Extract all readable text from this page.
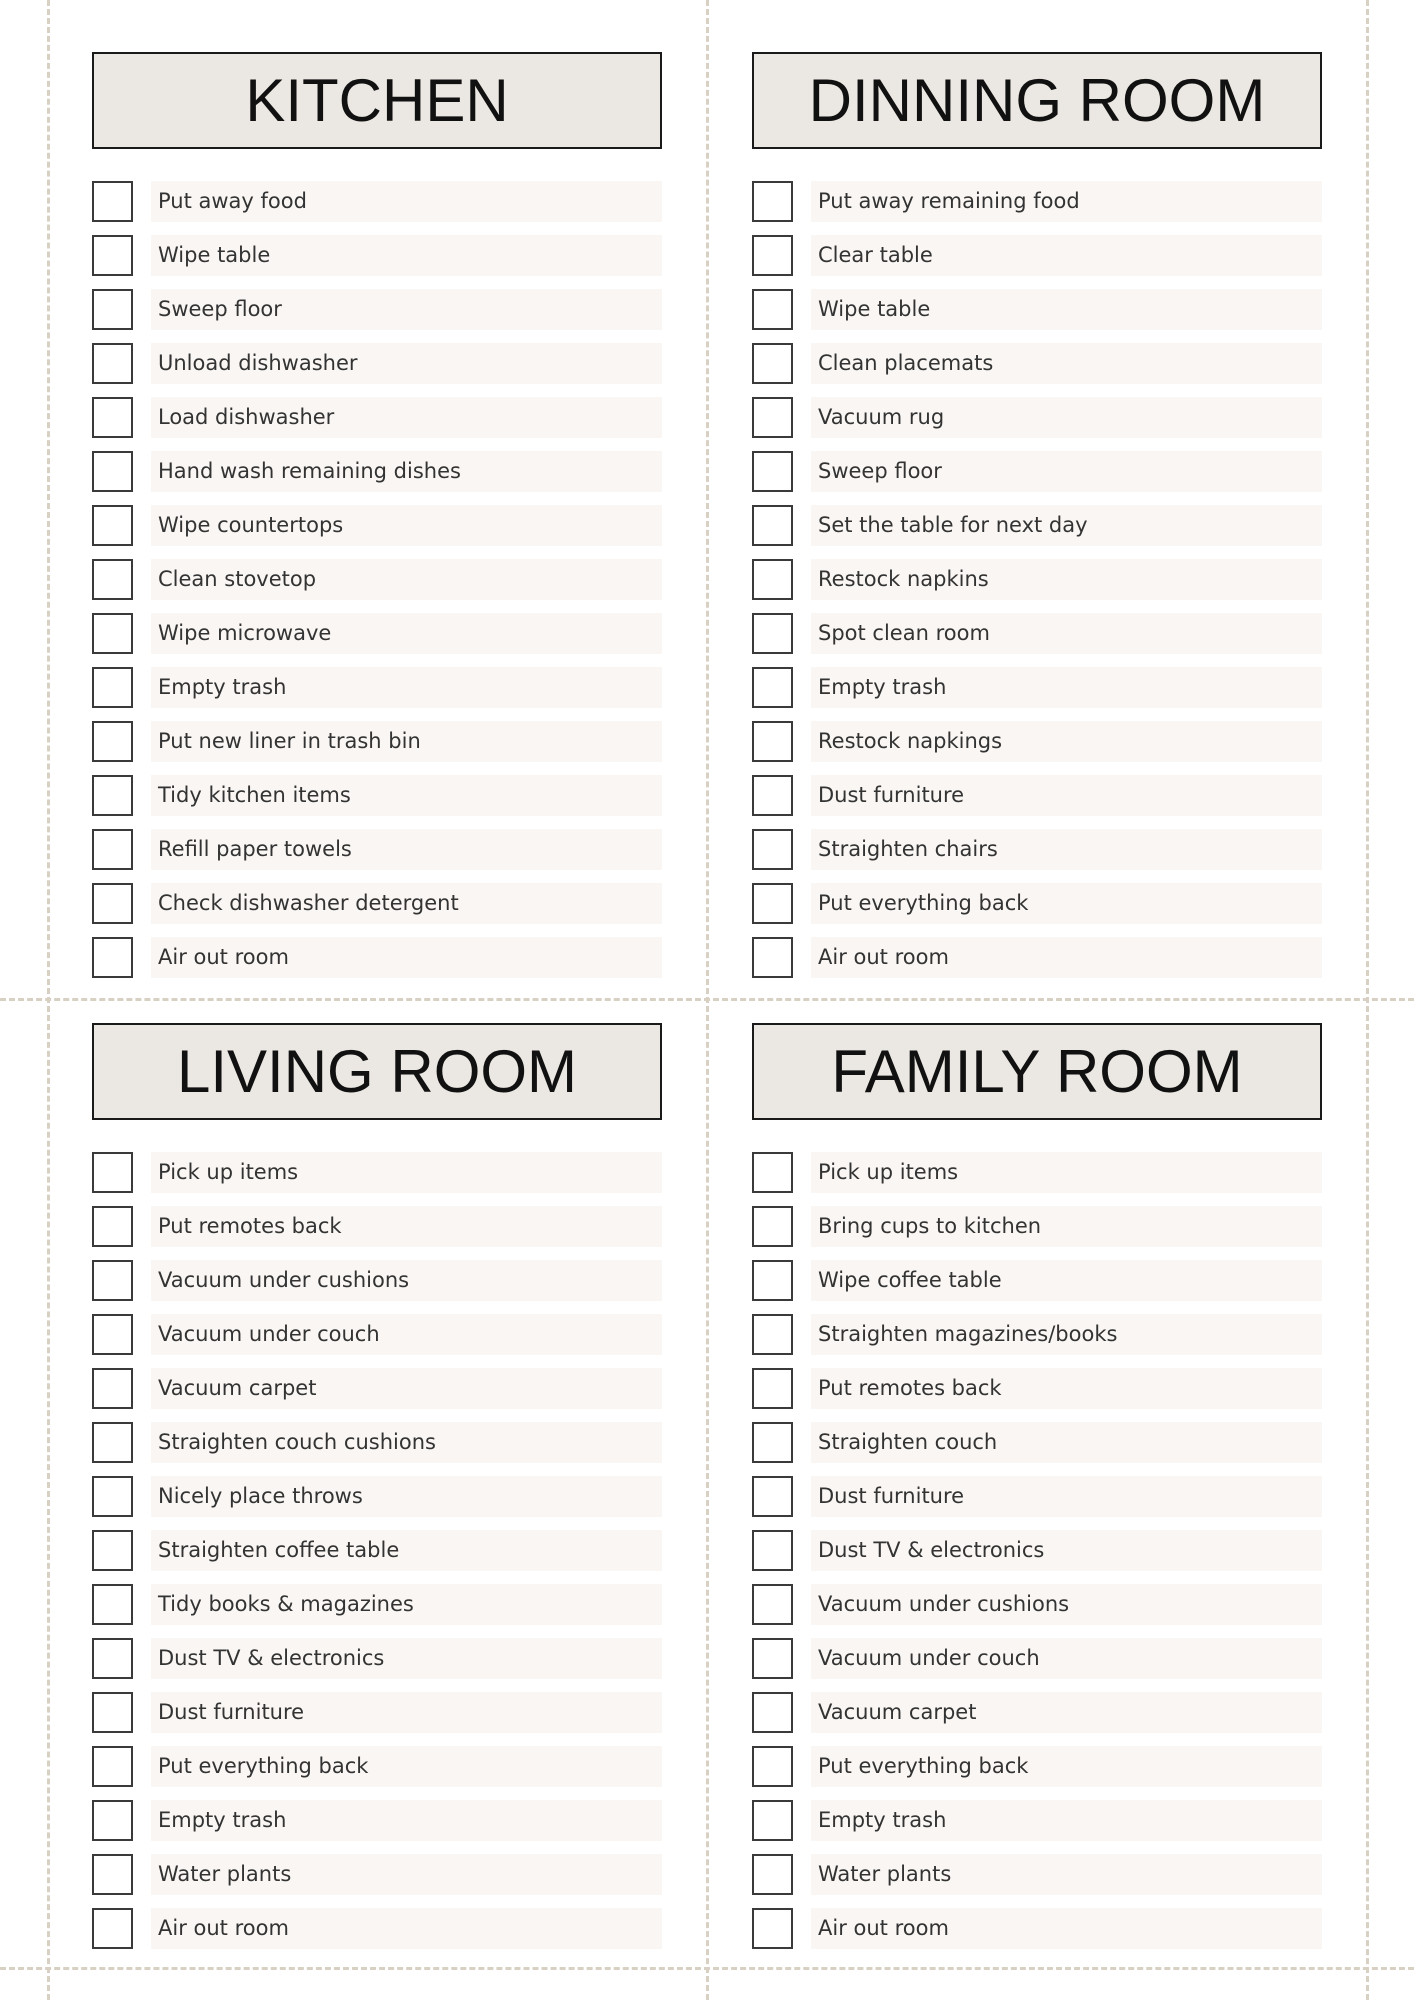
KITCHEN
Put away food
Wipe table
Sweep floor
Unload dishwasher
Load dishwasher
Hand wash remaining dishes
Wipe countertops
Clean stovetop
Wipe microwave
Empty trash
Put new liner in trash bin
Tidy kitchen items
Refill paper towels
Check dishwasher detergent
Air out room
DINNING ROOM
Put away remaining food
Clear table
Wipe table
Clean placemats
Vacuum rug
Sweep floor
Set the table for next day
Restock napkins
Spot clean room
Empty trash
Restock napkings
Dust furniture
Straighten chairs
Put everything back
Air out room
LIVING ROOM
Pick up items
Put remotes back
Vacuum under cushions
Vacuum under couch
Vacuum carpet
Straighten couch cushions
Nicely place throws
Straighten coffee table
Tidy books & magazines
Dust TV & electronics
Dust furniture
Put everything back
Empty trash
Water plants
Air out room
FAMILY ROOM
Pick up items
Bring cups to kitchen
Wipe coffee table
Straighten magazines/books
Put remotes back
Straighten couch
Dust furniture
Dust TV & electronics
Vacuum under cushions
Vacuum under couch
Vacuum carpet
Put everything back
Empty trash
Water plants
Air out room
